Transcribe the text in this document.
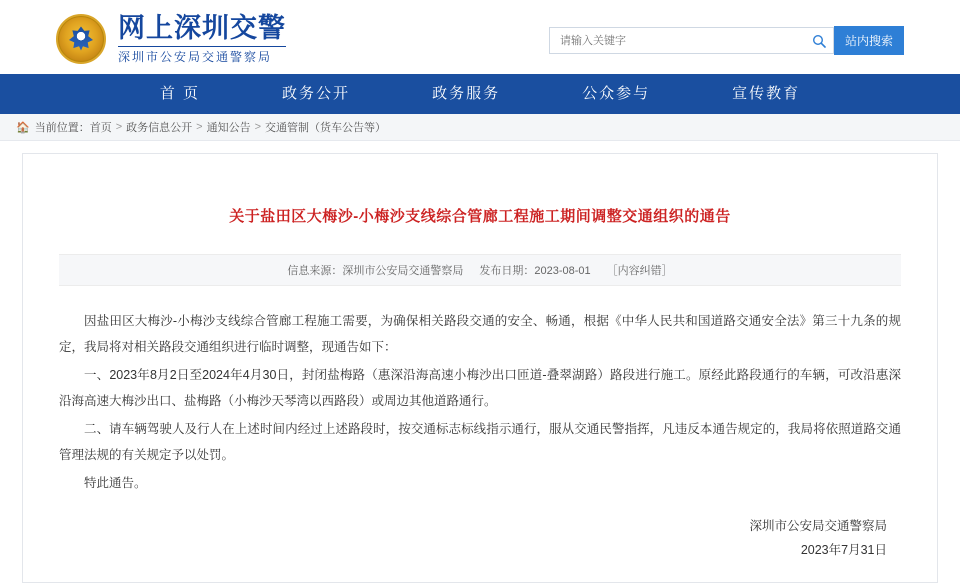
网上深圳交警
深圳市公安局交通警察局
请输入关键字
站内搜索
首 页	政务公开	政务服务	公众参与	宣传教育
🏠 当前位置： 首页 > 政务信息公开 > 通知公告 > 交通管制（货车公告等）
关于盐田区大梅沙-小梅沙支线综合管廊工程施工期间调整交通组织的通告
信息来源：深圳市公安局交通警察局 发布日期：2023-08-01 ［内容纠错］

因盐田区大梅沙-小梅沙支线综合管廊工程施工需要，为确保相关路段交通的安全、畅通，根据《中华人民共和国道路交通安全法》第三十九条的规定，我局将对相关路段交通组织进行临时调整，现通告如下：

一、2023年8月2日至2024年4月30日，封闭盐梅路（惠深沿海高速小梅沙出口匝道-叠翠湖路）路段进行施工。原经此路段通行的车辆，可改沿惠深沿海高速大梅沙出口、盐梅路（小梅沙天琴湾以西路段）或周边其他道路通行。

二、请车辆驾驶人及行人在上述时间内经过上述路段时，按交通标志标线指示通行，服从交通民警指挥，凡违反本通告规定的，我局将依照道路交通管理法规的有关规定予以处罚。

特此通告。

深圳市公安局交通警察局
2023年7月31日
